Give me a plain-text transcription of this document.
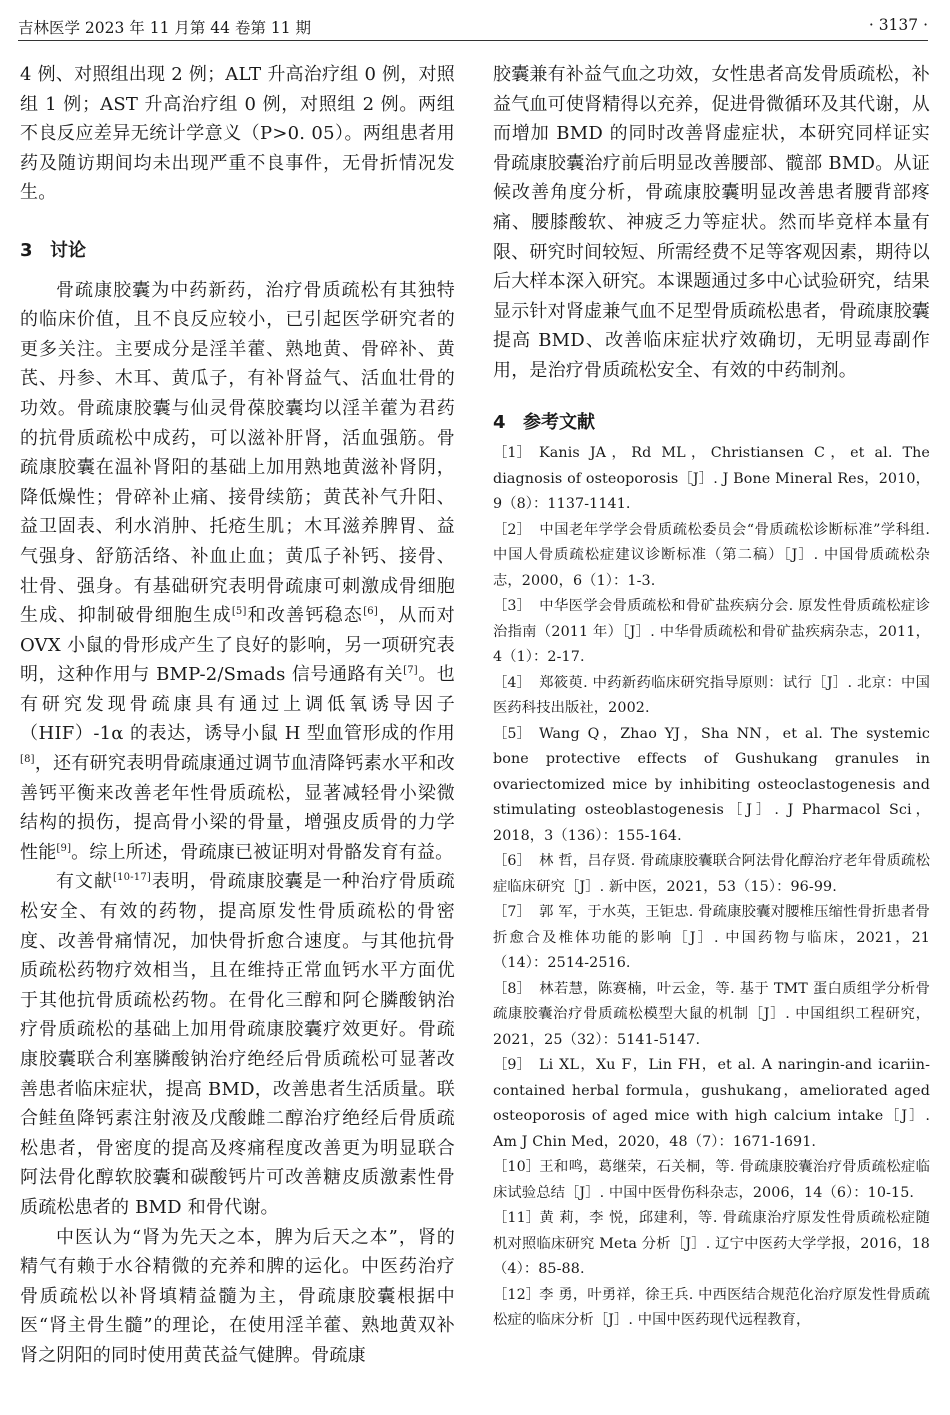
吉林医学 2023 年 11 月第 44 卷第 11 期	· 3137 ·

4 例、对照组出现 2 例；ALT 升高治疗组 0 例，对照组 1 例；AST 升高治疗组 0 例，对照组 2 例。两组不良反应差异无统计学意义（P>0. 05）。两组患者用药及随访期间均未出现严重不良事件，无骨折情况发生。

3 讨论

骨疏康胶囊为中药新药，治疗骨质疏松有其独特的临床价值，且不良反应较小，已引起医学研究者的更多关注。主要成分是淫羊藿、熟地黄、骨碎补、黄芪、丹参、木耳、黄瓜子，有补肾益气、活血壮骨的功效。骨疏康胶囊与仙灵骨葆胶囊均以淫羊藿为君药的抗骨质疏松中成药，可以滋补肝肾，活血强筋。骨疏康胶囊在温补肾阳的基础上加用熟地黄滋补肾阴，降低燥性；骨碎补止痛、接骨续筋；黄芪补气升阳、益卫固表、利水消肿、托疮生肌；木耳滋养脾胃、益气强身、舒筋活络、补血止血；黄瓜子补钙、接骨、壮骨、强身。有基础研究表明骨疏康可刺激成骨细胞生成、抑制破骨细胞生成[5]和改善钙稳态[6]，从而对 OVX 小鼠的骨形成产生了良好的影响，另一项研究表明，这种作用与 BMP-2/Smads 信号通路有关[7]。也有研究发现骨疏康具有通过上调低氧诱导因子（HIF）-1α 的表达，诱导小鼠 H 型血管形成的作用[8]，还有研究表明骨疏康通过调节血清降钙素水平和改善钙平衡来改善老年性骨质疏松，显著减轻骨小梁微结构的损伤，提高骨小梁的骨量，增强皮质骨的力学性能[9]。综上所述，骨疏康已被证明对骨骼发育有益。

有文献[10-17]表明，骨疏康胶囊是一种治疗骨质疏松安全、有效的药物，提高原发性骨质疏松的骨密度、改善骨痛情况，加快骨折愈合速度。与其他抗骨质疏松药物疗效相当，且在维持正常血钙水平方面优于其他抗骨质疏松药物。在骨化三醇和阿仑膦酸钠治疗骨质疏松的基础上加用骨疏康胶囊疗效更好。骨疏康胶囊联合利塞膦酸钠治疗绝经后骨质疏松可显著改善患者临床症状，提高 BMD，改善患者生活质量。联合鲑鱼降钙素注射液及戊酸雌二醇治疗绝经后骨质疏松患者，骨密度的提高及疼痛程度改善更为明显联合阿法骨化醇软胶囊和碳酸钙片可改善糖皮质激素性骨质疏松患者的 BMD 和骨代谢。

中医认为“肾为先天之本，脾为后天之本”，肾的精气有赖于水谷精微的充养和脾的运化。中医药治疗骨质疏松以补肾填精益髓为主，骨疏康胶囊根据中医“肾主骨生髓”的理论，在使用淫羊藿、熟地黄双补肾之阴阳的同时使用黄芪益气健脾。骨疏康

胶囊兼有补益气血之功效，女性患者高发骨质疏松，补益气血可使肾精得以充养，促进骨微循环及其代谢，从而增加 BMD 的同时改善肾虚症状，本研究同样证实骨疏康胶囊治疗前后明显改善腰部、髋部 BMD。从证候改善角度分析，骨疏康胶囊明显改善患者腰背部疼痛、腰膝酸软、神疲乏力等症状。然而毕竟样本量有限、研究时间较短、所需经费不足等客观因素，期待以后大样本深入研究。本课题通过多中心试验研究，结果显示针对肾虚兼气血不足型骨质疏松患者，骨疏康胶囊提高 BMD、改善临床症状疗效确切，无明显毒副作用，是治疗骨质疏松安全、有效的中药制剂。

4 参考文献

［1］ Kanis JA，Rd ML，Christiansen C，et al. The diagnosis of osteoporosis［J］. J Bone Mineral Res，2010，9（8）：1137-1141.

［2］ 中国老年学学会骨质疏松委员会“骨质疏松诊断标准”学科组. 中国人骨质疏松症建议诊断标准（第二稿）［J］. 中国骨质疏松杂志，2000，6（1）：1-3.

［3］ 中华医学会骨质疏松和骨矿盐疾病分会. 原发性骨质疏松症诊治指南（2011 年）［J］. 中华骨质疏松和骨矿盐疾病杂志，2011，4（1）：2-17.

［4］ 郑筱萸. 中药新药临床研究指导原则：试行［J］. 北京：中国医药科技出版社，2002.

［5］ Wang Q，Zhao YJ，Sha NN，et al. The systemic bone protective effects of Gushukang granules in ovariectomized mice by inhibiting osteoclastogenesis and stimulating osteoblastogenesis［J］. J Pharmacol Sci，2018，3（136）：155-164.

［6］ 林 哲，吕存贤. 骨疏康胶囊联合阿法骨化醇治疗老年骨质疏松症临床研究［J］. 新中医，2021，53（15）：96-99.

［7］ 郭 军，于水英，王钜忠. 骨疏康胶囊对腰椎压缩性骨折患者骨折愈合及椎体功能的影响［J］. 中国药物与临床，2021，21（14）：2514-2516.

［8］ 林若慧，陈赛楠，叶云金，等. 基于 TMT 蛋白质组学分析骨疏康胶囊治疗骨质疏松模型大鼠的机制［J］. 中国组织工程研究，2021，25（32）：5141-5147.

［9］ Li XL，Xu F，Lin FH，et al. A naringin-and icariin-contained herbal formula，gushukang，ameliorated aged osteoporosis of aged mice with high calcium intake［J］. Am J Chin Med，2020，48（7）：1671-1691.

［10］王和鸣，葛继荣，石关桐，等. 骨疏康胶囊治疗骨质疏松症临床试验总结［J］. 中国中医骨伤科杂志，2006，14（6）：10-15.

［11］黄 莉，李 悦，邱建利，等. 骨疏康治疗原发性骨质疏松症随机对照临床研究 Meta 分析［J］. 辽宁中医药大学学报，2016，18（4）：85-88.

［12］李 勇，叶勇祥，徐王兵. 中西医结合规范化治疗原发性骨质疏松症的临床分析［J］. 中国中医药现代远程教育，
